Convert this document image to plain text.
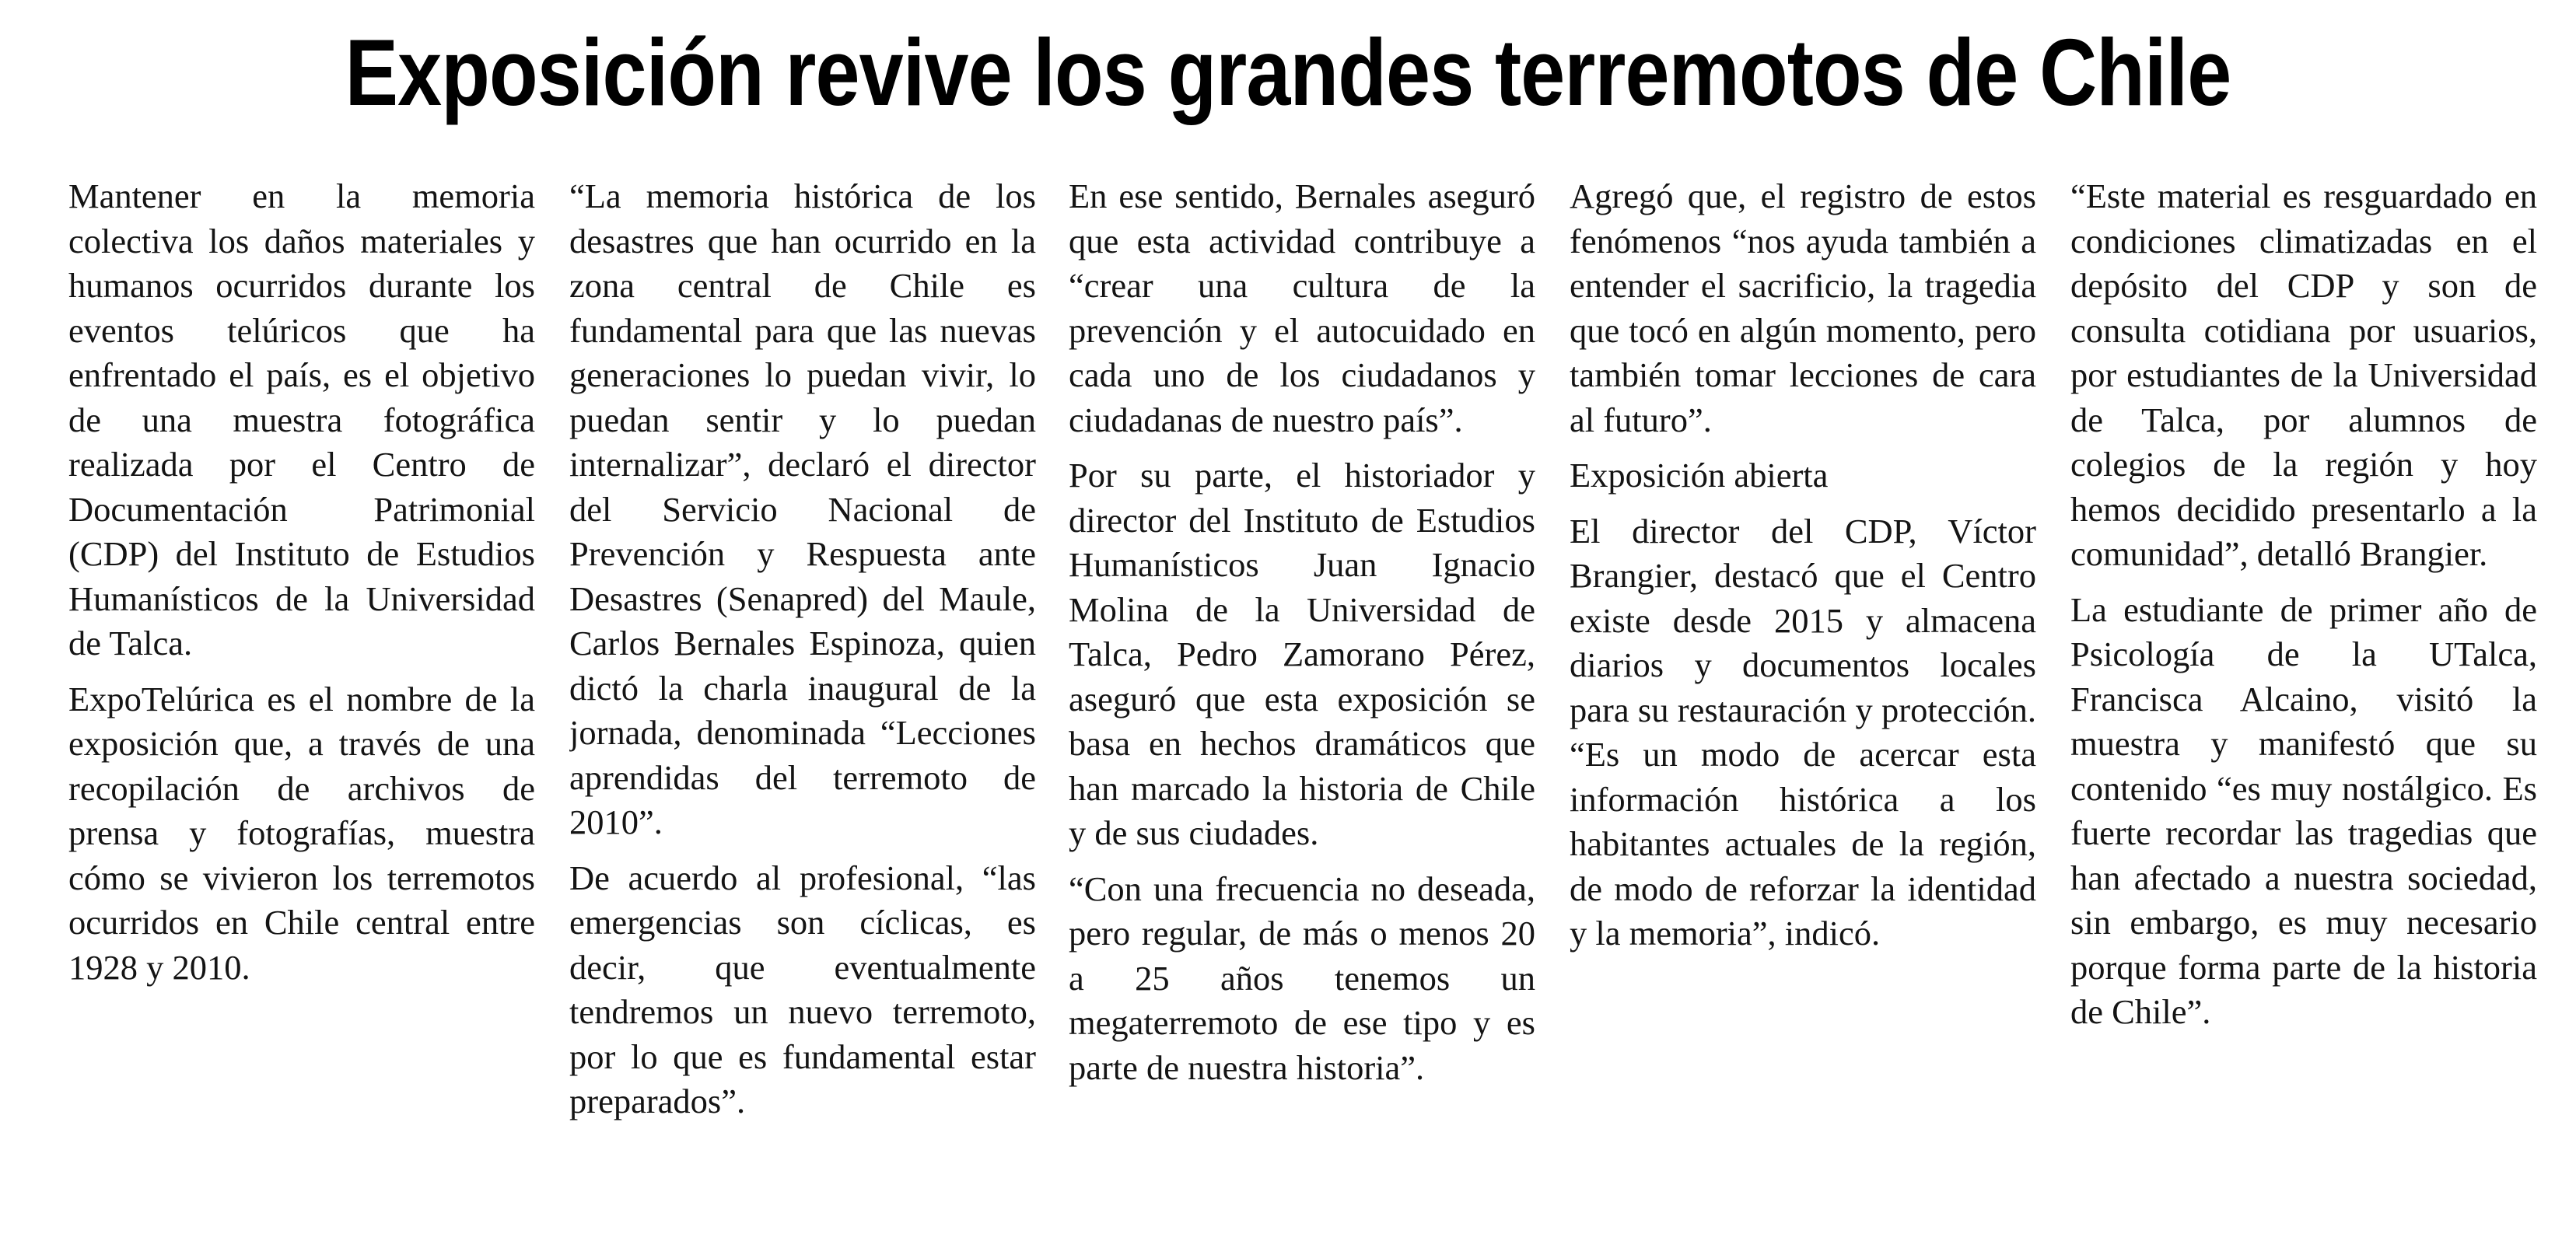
Exposición revive los grandes terremotos de Chile

Mantener en la memoria colectiva los daños materiales y humanos ocurridos durante los eventos telúricos que ha enfrentado el país, es el objetivo de una muestra fotográfica realizada por el Centro de Documentación Patrimonial (CDP) del Instituto de Estudios Humanísticos de la Universidad de Talca.

ExpoTelúrica es el nombre de la exposición que, a través de una recopilación de archivos de prensa y fotografías, muestra cómo se vivieron los terremotos ocurridos en Chile central entre 1928 y 2010.

“La memoria histórica de los desastres que han ocurrido en la zona central de Chile es fundamental para que las nuevas generaciones lo puedan vivir, lo puedan sentir y lo puedan internalizar”, declaró el director del Servicio Nacional de Prevención y Respuesta ante Desastres (Senapred) del Maule, Carlos Bernales Espinoza, quien dictó la charla inaugural de la jornada, denominada “Lecciones aprendidas del terremoto de 2010”.

De acuerdo al profesional, “las emergencias son cíclicas, es decir, que eventualmente tendremos un nuevo terremoto, por lo que es fundamental estar preparados”.

En ese sentido, Bernales aseguró que esta actividad contribuye a “crear una cultura de la prevención y el autocuidado en cada uno de los ciudadanos y ciudadanas de nuestro país”.

Por su parte, el historiador y director del Instituto de Estudios Humanísticos Juan Ignacio Molina de la Universidad de Talca, Pedro Zamorano Pérez, aseguró que esta exposición se basa en hechos dramáticos que han marcado la historia de Chile y de sus ciudades.

“Con una frecuencia no deseada, pero regular, de más o menos 20 a 25 años tenemos un megaterremoto de ese tipo y es parte de nuestra historia”.

Agregó que, el registro de estos fenómenos “nos ayuda también a entender el sacrificio, la tragedia que tocó en algún momento, pero también tomar lecciones de cara al futuro”.

Exposición abierta

El director del CDP, Víctor Brangier, destacó que el Centro existe desde 2015 y almacena diarios y documentos locales para su restauración y protección. “Es un modo de acercar esta información histórica a los habitantes actuales de la región, de modo de reforzar la identidad y la memoria”, indicó.

“Este material es resguardado en condiciones climatizadas en el depósito del CDP y son de consulta cotidiana por usuarios, por estudiantes de la Universidad de Talca, por alumnos de colegios de la región y hoy hemos decidido presentarlo a la comunidad”, detalló Brangier.

La estudiante de primer año de Psicología de la UTalca, Francisca Alcaino, visitó la muestra y manifestó que su contenido “es muy nostálgico. Es fuerte recordar las tragedias que han afectado a nuestra sociedad, sin embargo, es muy necesario porque forma parte de la historia de Chile”.
